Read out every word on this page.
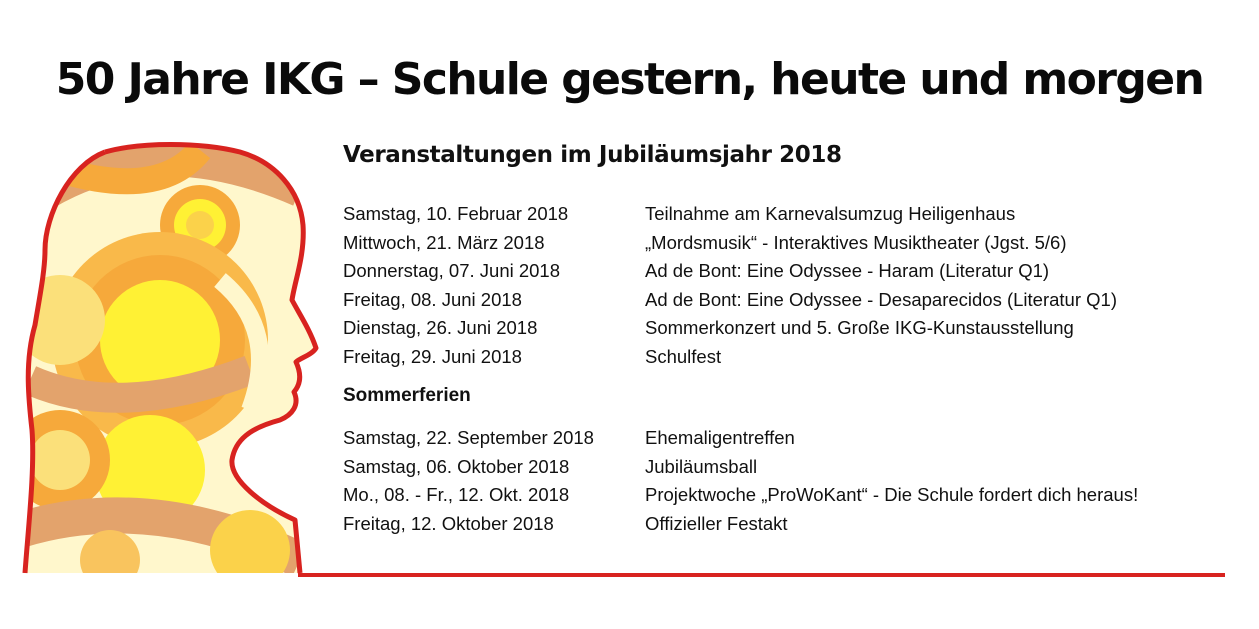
50 Jahre IKG – Schule gestern, heute und morgen
Veranstaltungen im Jubiläumsjahr 2018
Samstag, 10. Februar 2018	Teilnahme am Karnevalsumzug Heiligenhaus
Mittwoch, 21. März 2018	„Mordsmusik“ - Interaktives Musiktheater (Jgst. 5/6)
Donnerstag, 07. Juni 2018	Ad de Bont: Eine Odyssee - Haram (Literatur Q1)
Freitag, 08. Juni 2018	Ad de Bont: Eine Odyssee - Desaparecidos (Literatur Q1)
Dienstag, 26. Juni 2018	Sommerkonzert und 5. Große IKG-Kunstausstellung
Freitag, 29. Juni 2018	Schulfest
Sommerferien
Samstag, 22. September 2018	Ehemaligentreffen
Samstag, 06. Oktober 2018	Jubiläumsball
Mo., 08. - Fr., 12. Okt. 2018	Projektwoche „ProWoKant“ - Die Schule fordert dich heraus!
Freitag, 12. Oktober 2018	Offizieller Festakt
